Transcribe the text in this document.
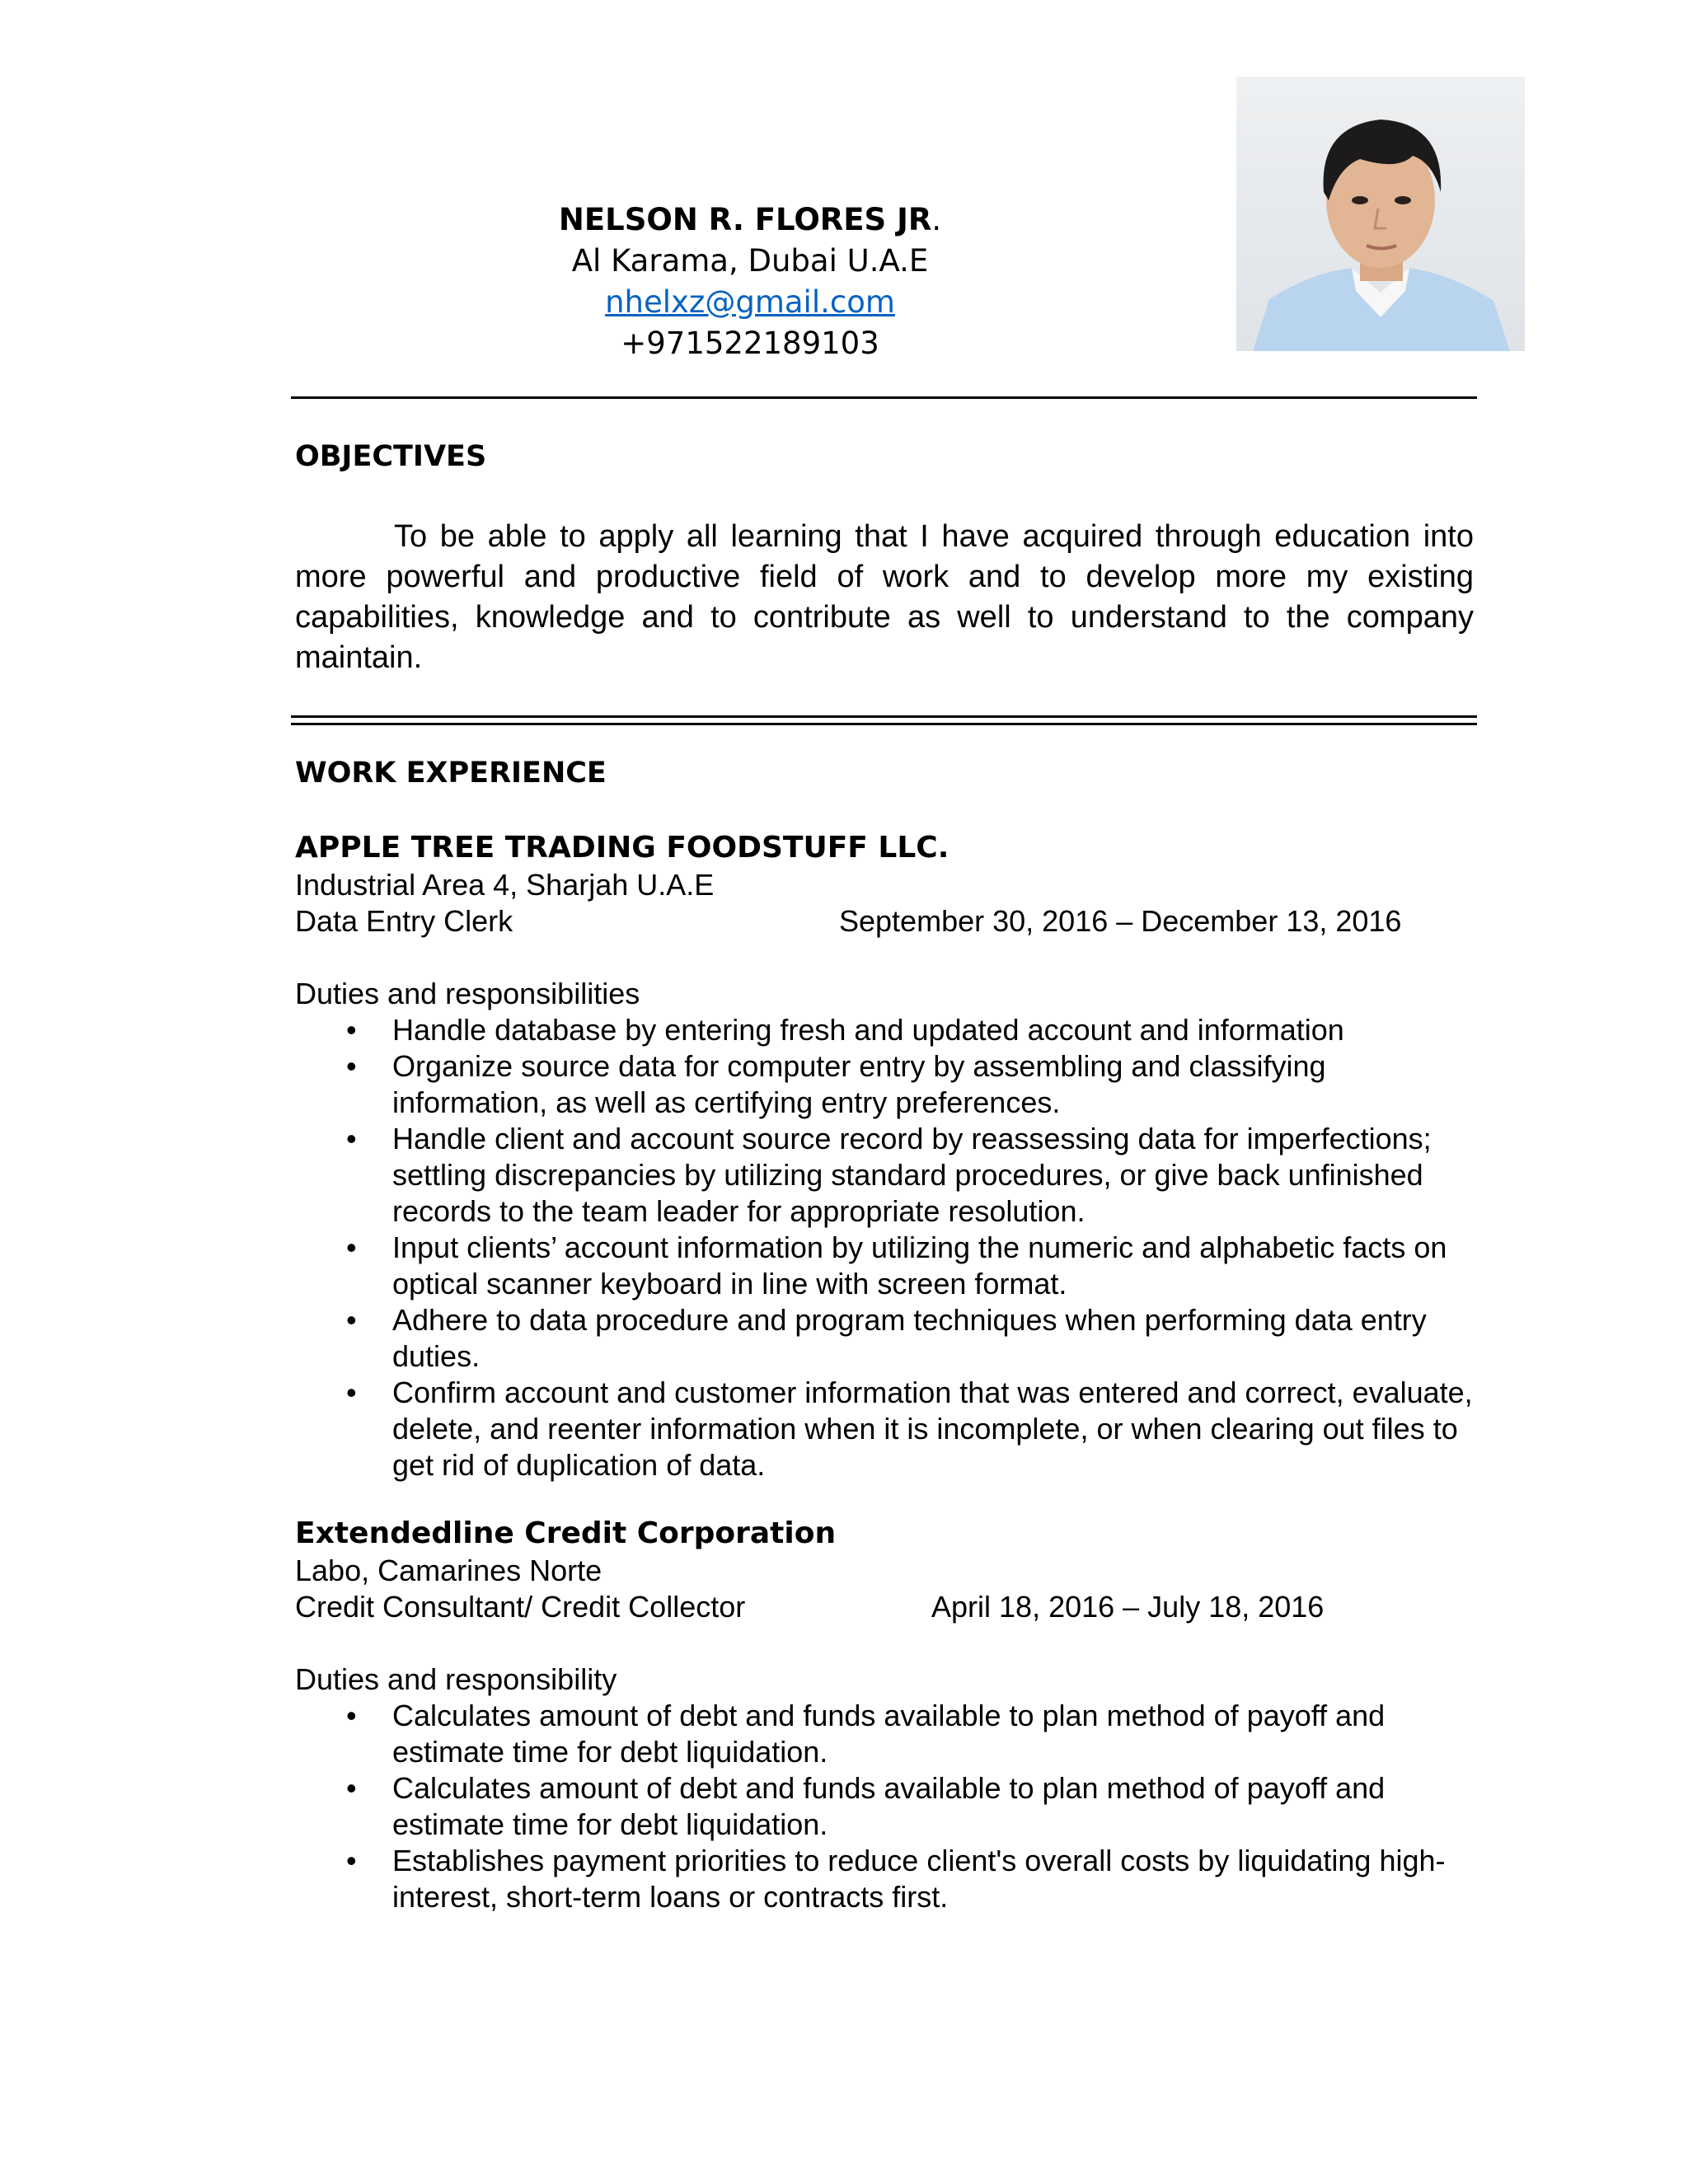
NELSON R. FLORES JR.
Al Karama, Dubai U.A.E
nhelxz@gmail.com
+971522189103
OBJECTIVES
To be able to apply all learning that I have acquired through education into more powerful and productive field of work and to develop more my existing capabilities, knowledge and to contribute as well to understand to the company maintain.
WORK EXPERIENCE
APPLE TREE TRADING FOODSTUFF LLC.
Industrial Area 4, Sharjah U.A.E
Data Entry Clerk	September 30, 2016 – December 13, 2016
Duties and responsibilities
• Handle database by entering fresh and updated account and information
• Organize source data for computer entry by assembling and classifying information, as well as certifying entry preferences.
• Handle client and account source record by reassessing data for imperfections; settling discrepancies by utilizing standard procedures, or give back unfinished records to the team leader for appropriate resolution.
• Input clients’ account information by utilizing the numeric and alphabetic facts on optical scanner keyboard in line with screen format.
• Adhere to data procedure and program techniques when performing data entry duties.
• Confirm account and customer information that was entered and correct, evaluate, delete, and reenter information when it is incomplete, or when clearing out files to get rid of duplication of data.
Extendedline Credit Corporation
Labo, Camarines Norte
Credit Consultant/ Credit Collector	April 18, 2016 – July 18, 2016
Duties and responsibility
• Calculates amount of debt and funds available to plan method of payoff and estimate time for debt liquidation.
• Calculates amount of debt and funds available to plan method of payoff and estimate time for debt liquidation.
• Establishes payment priorities to reduce client's overall costs by liquidating high-interest, short-term loans or contracts first.
